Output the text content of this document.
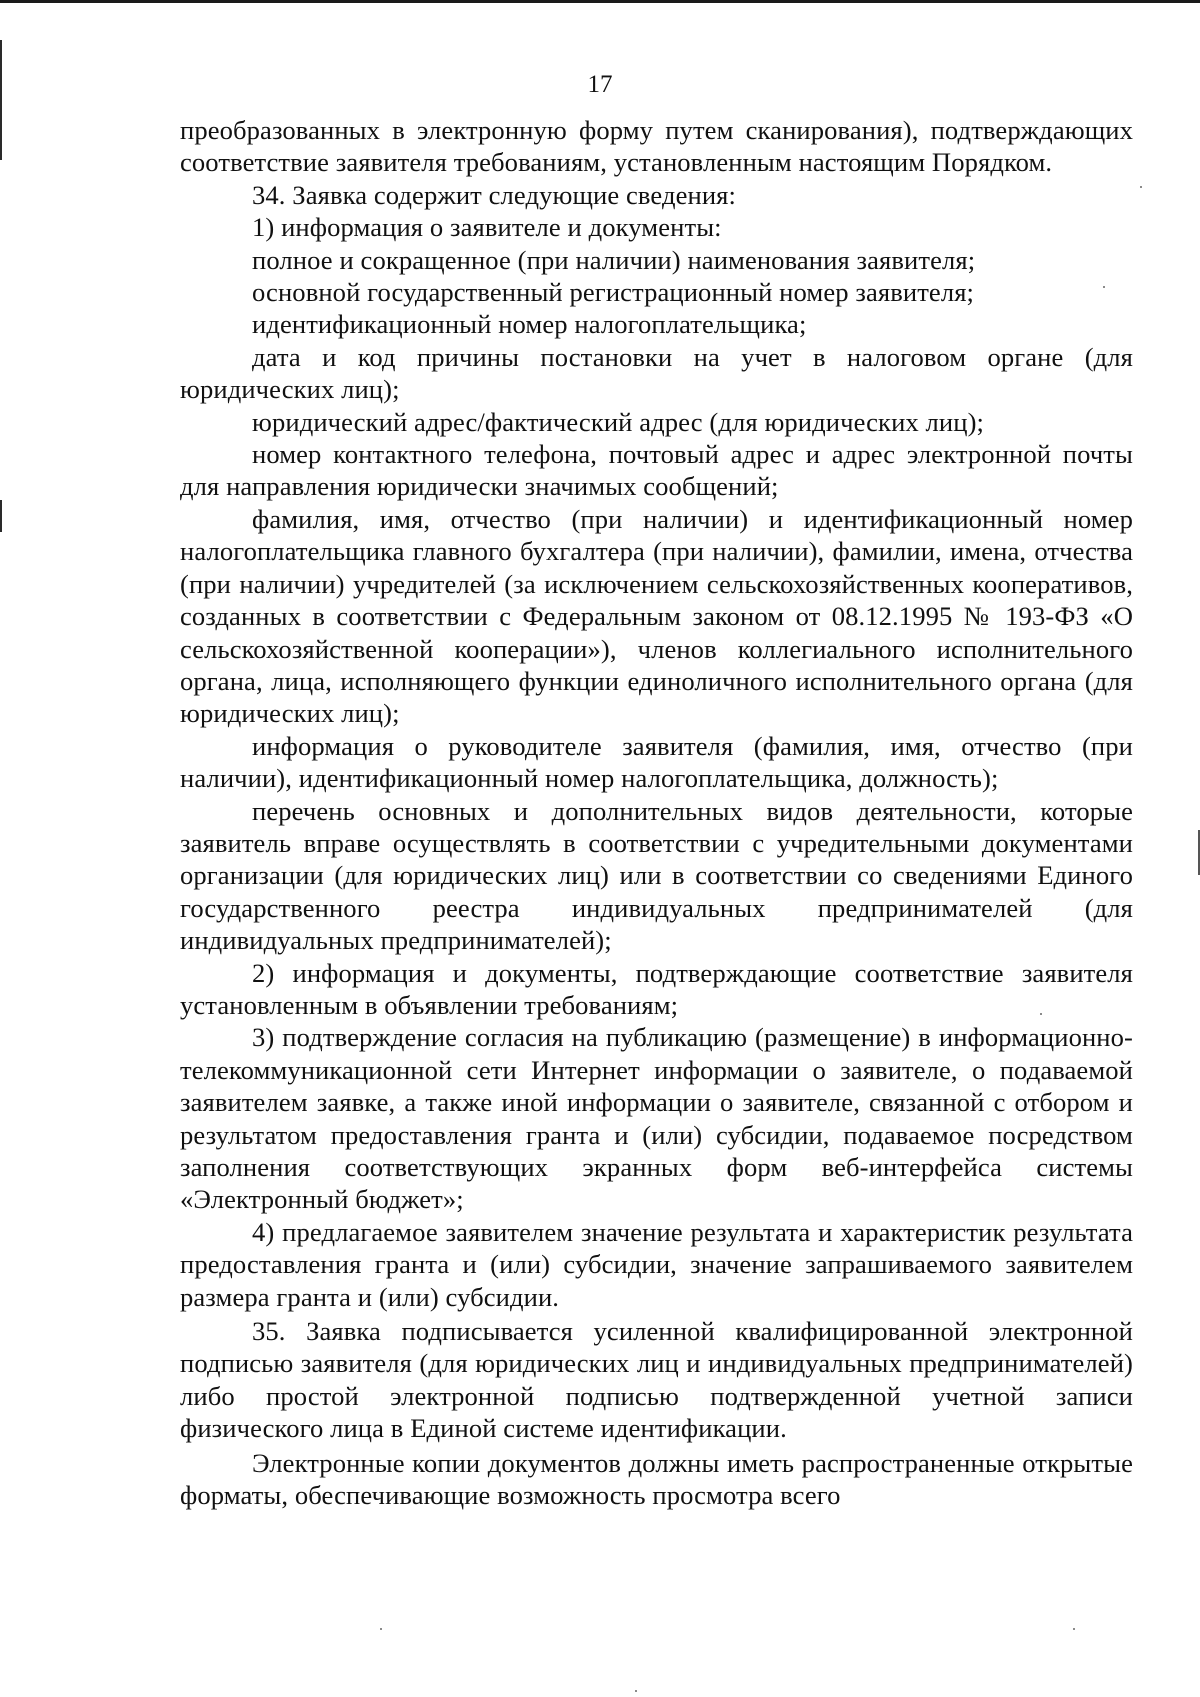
17

преобразованных в электронную форму путем сканирования), подтверждающих соответствие заявителя требованиям, установленным настоящим Порядком.

34. Заявка содержит следующие сведения:

1) информация о заявителе и документы:

полное и сокращенное (при наличии) наименования заявителя;

основной государственный регистрационный номер заявителя;

идентификационный номер налогоплательщика;

дата и код причины постановки на учет в налоговом органе (для юридических лиц);

юридический адрес/фактический адрес (для юридических лиц);

номер контактного телефона, почтовый адрес и адрес электронной почты для направления юридически значимых сообщений;

фамилия, имя, отчество (при наличии) и идентификационный номер налогоплательщика главного бухгалтера (при наличии), фамилии, имена, отчества (при наличии) учредителей (за исключением сельскохозяйственных кооперативов, созданных в соответствии с Федеральным законом от 08.12.1995 № 193-ФЗ «О сельскохозяйственной кооперации»), членов коллегиального исполнительного органа, лица, исполняющего функции единоличного исполнительного органа (для юридических лиц);

информация о руководителе заявителя (фамилия, имя, отчество (при наличии), идентификационный номер налогоплательщика, должность);

перечень основных и дополнительных видов деятельности, которые заявитель вправе осуществлять в соответствии с учредительными документами организации (для юридических лиц) или в соответствии со сведениями Единого государственного реестра индивидуальных предпринимателей (для индивидуальных предпринимателей);

2) информация и документы, подтверждающие соответствие заявителя установленным в объявлении требованиям;

3) подтверждение согласия на публикацию (размещение) в информационно-телекоммуникационной сети Интернет информации о заявителе, о подаваемой заявителем заявке, а также иной информации о заявителе, связанной с отбором и результатом предоставления гранта и (или) субсидии, подаваемое посредством заполнения соответствующих экранных форм веб-интерфейса системы «Электронный бюджет»;

4) предлагаемое заявителем значение результата и характеристик результата предоставления гранта и (или) субсидии, значение запрашиваемого заявителем размера гранта и (или) субсидии.

35. Заявка подписывается усиленной квалифицированной электронной подписью заявителя (для юридических лиц и индивидуальных предпринимателей) либо простой электронной подписью подтвержденной учетной записи физического лица в Единой системе идентификации.

Электронные копии документов должны иметь распространенные открытые форматы, обеспечивающие возможность просмотра всего
